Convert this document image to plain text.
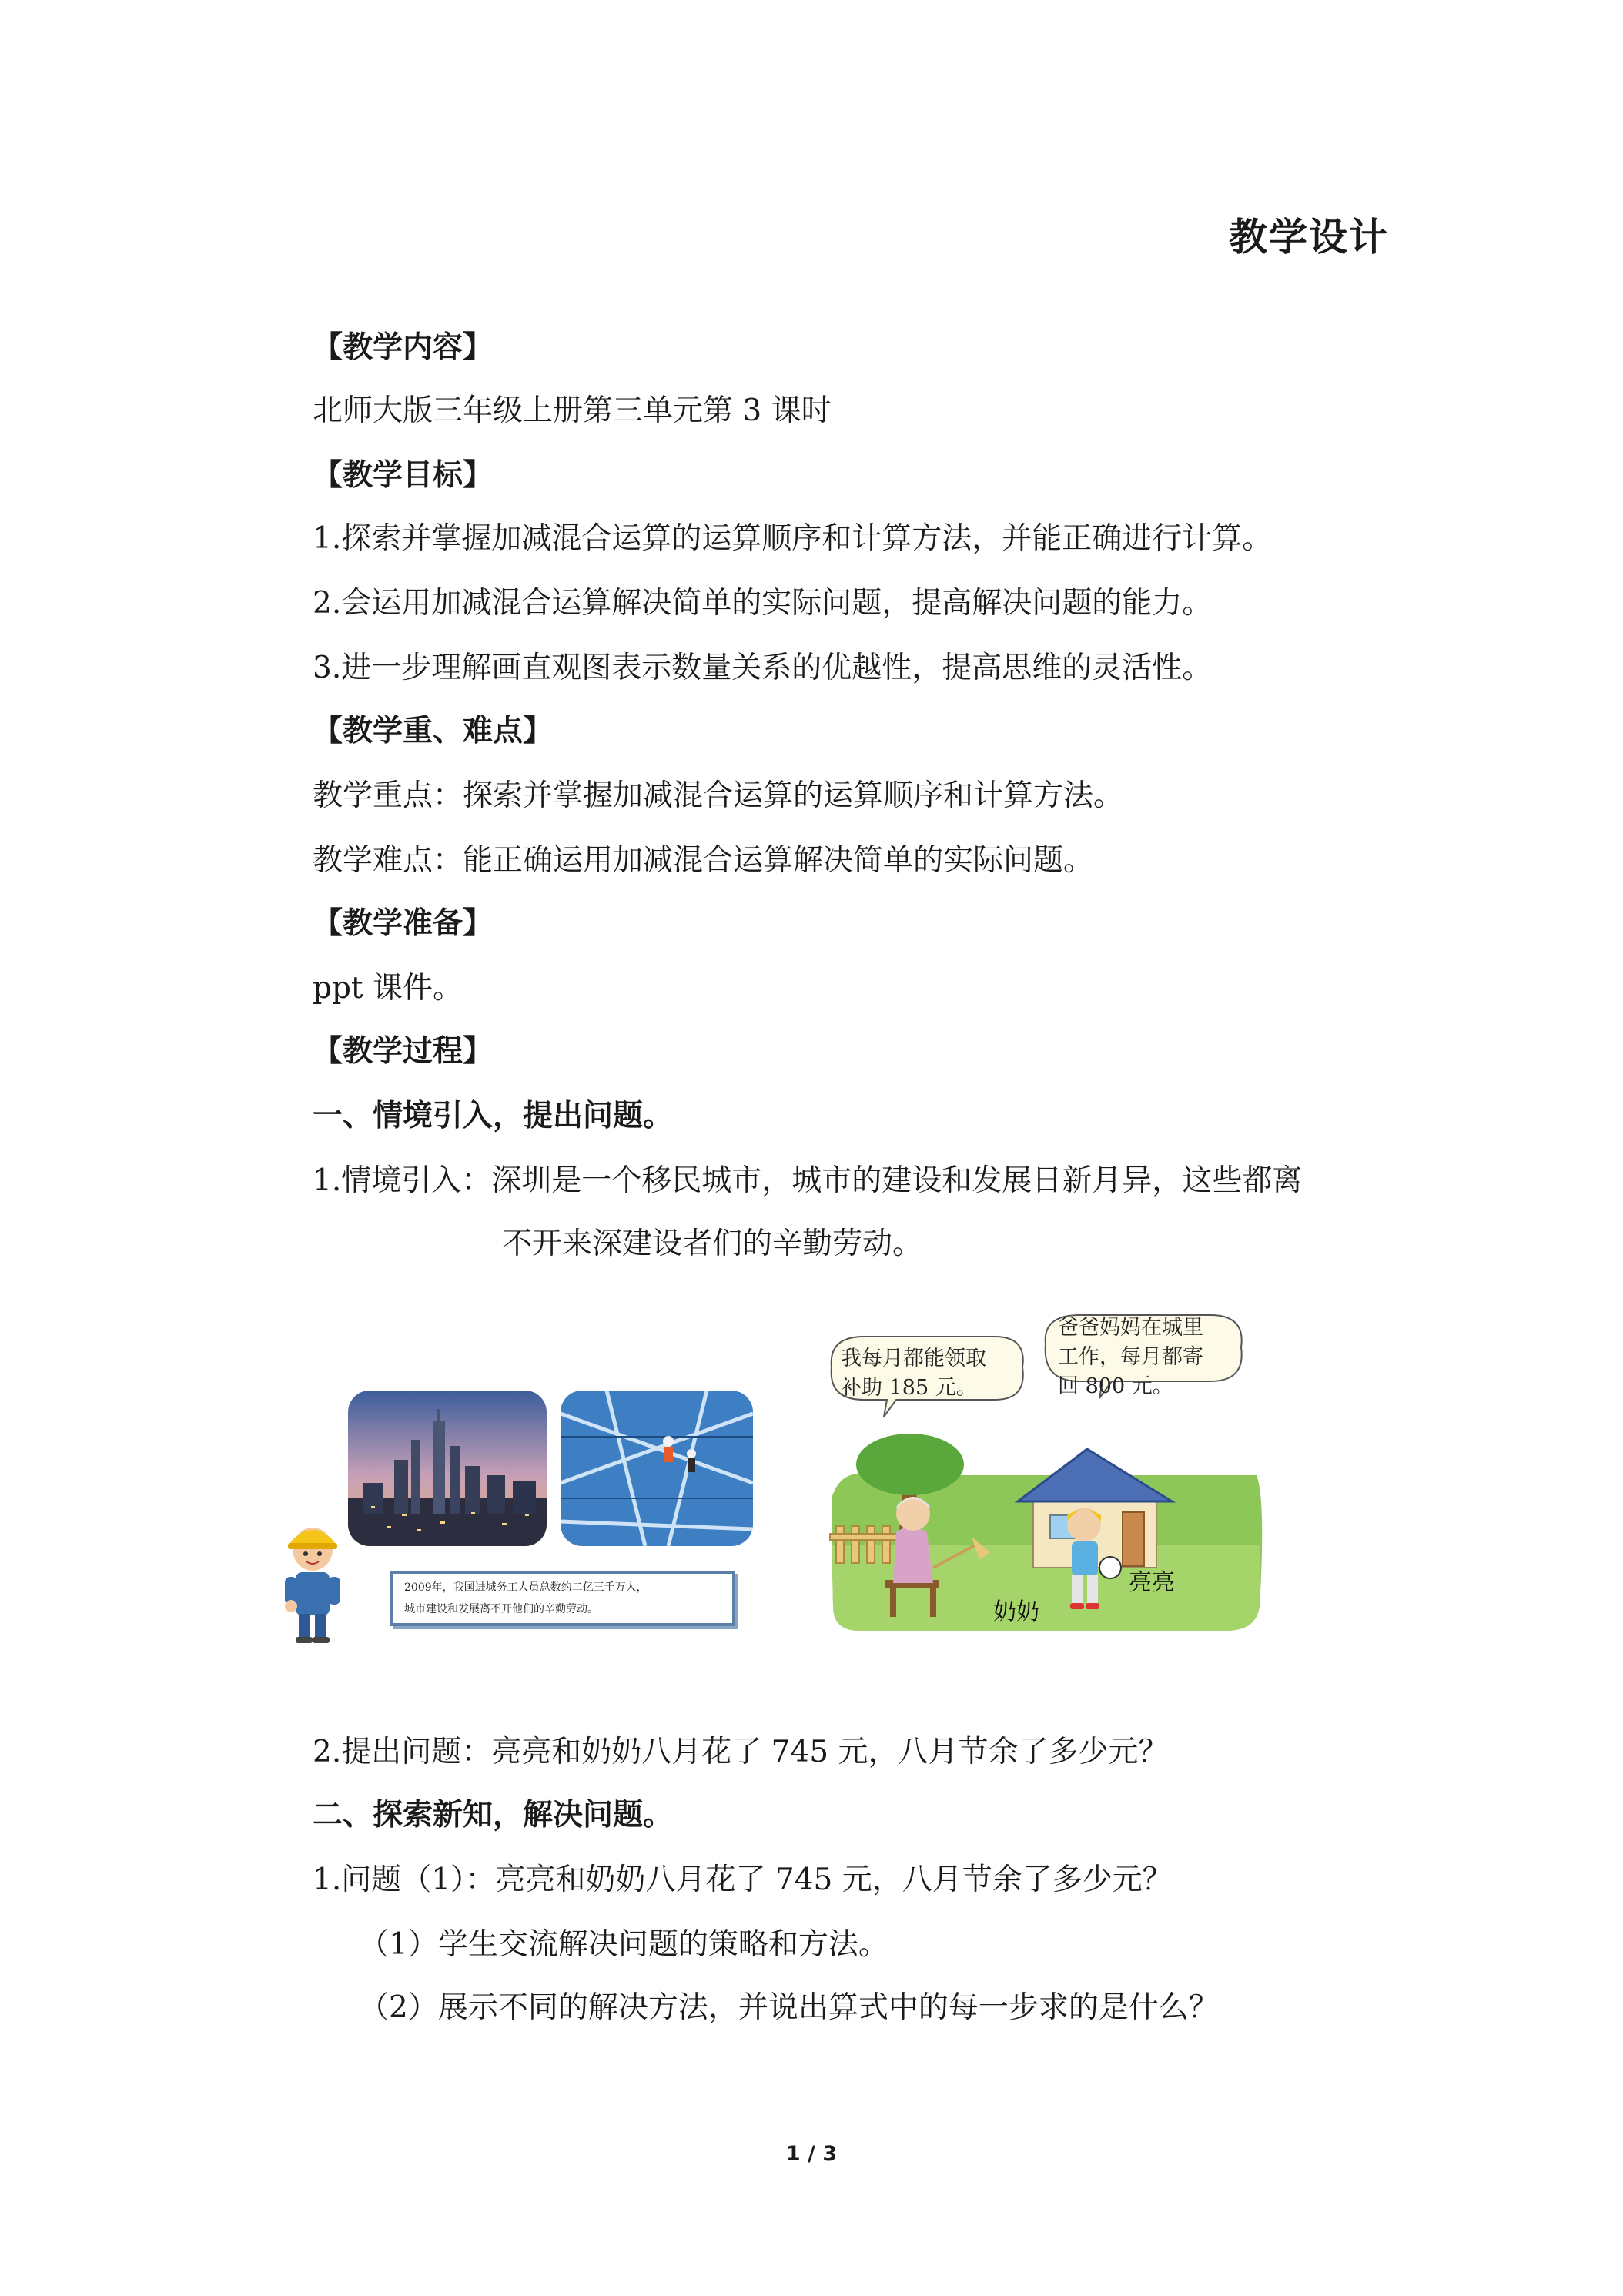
教学设计
【教学内容】
北师大版三年级上册第三单元第 3 课时
【教学目标】
1.探索并掌握加减混合运算的运算顺序和计算方法，并能正确进行计算。
2.会运用加减混合运算解决简单的实际问题，提高解决问题的能力。
3.进一步理解画直观图表示数量关系的优越性，提高思维的灵活性。
【教学重、难点】
教学重点：探索并掌握加减混合运算的运算顺序和计算方法。
教学难点：能正确运用加减混合运算解决简单的实际问题。
【教学准备】
ppt 课件。
【教学过程】
一、情境引入，提出问题。
1.情境引入：深圳是一个移民城市，城市的建设和发展日新月异，这些都离
不开来深建设者们的辛勤劳动。
2009年，我国进城务工人员总数约二亿三千万人，
城市建设和发展离不开他们的辛勤劳动。
我每月都能领取
补助 185 元。
爸爸妈妈在城里
工作，每月都寄
回 800 元。
亮亮
奶奶
2.提出问题：亮亮和奶奶八月花了 745 元，八月节余了多少元？
二、探索新知，解决问题。
1.问题（1）：亮亮和奶奶八月花了 745 元，八月节余了多少元？
（1）学生交流解决问题的策略和方法。
（2）展示不同的解决方法，并说出算式中的每一步求的是什么？
1 / 3
